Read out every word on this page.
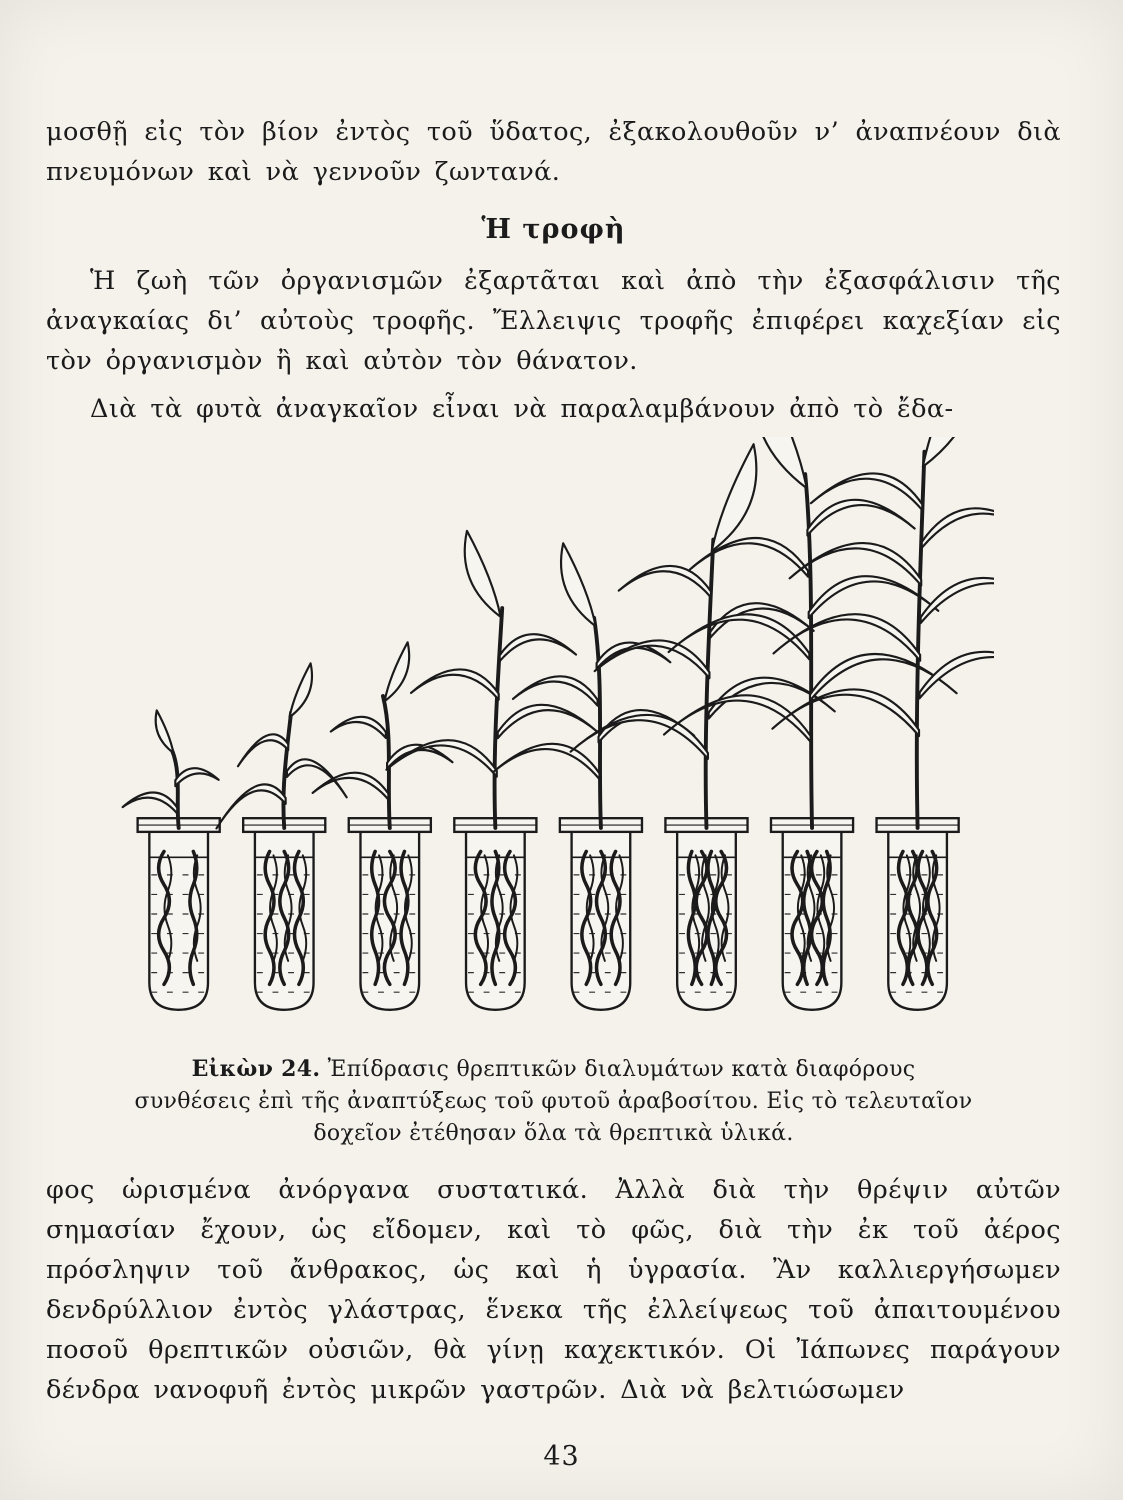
μοσθῇ εἰς τὸν βίον ἐντὸς τοῦ ὕδατος, ἐξακολουθοῦν ν’ ἀναπνέουν διὰ πνευμόνων καὶ νὰ γεννοῦν ζωντανά.

Ἡ τροφὴ

Ἡ ζωὴ τῶν ὀργανισμῶν ἐξαρτᾶται καὶ ἀπὸ τὴν ἐξασφάλισιν τῆς ἀναγκαίας δι’ αὐτοὺς τροφῆς. Ἔλλειψις τροφῆς ἐπιφέρει καχεξίαν εἰς τὸν ὀργανισμὸν ἢ καὶ αὐτὸν τὸν θάνατον.

Διὰ τὰ φυτὰ ἀναγκαῖον εἶναι νὰ παραλαμβάνουν ἀπὸ τὸ ἔδα-

Εἰκὼν 24. Ἐπίδρασις θρεπτικῶν διαλυμάτων κατὰ διαφόρους συνθέσεις ἐπὶ τῆς ἀναπτύξεως τοῦ φυτοῦ ἀραβοσίτου. Εἰς τὸ τελευταῖον δοχεῖον ἐτέθησαν ὅλα τὰ θρεπτικὰ ὑλικά.

φος ὡρισμένα ἀνόργανα συστατικά. Ἀλλὰ διὰ τὴν θρέψιν αὐτῶν σημασίαν ἔχουν, ὡς εἴδομεν, καὶ τὸ φῶς, διὰ τὴν ἐκ τοῦ ἀέρος πρόσληψιν τοῦ ἄνθρακος, ὡς καὶ ἡ ὑγρασία. Ἂν καλλιεργήσωμεν δενδρύλλιον ἐντὸς γλάστρας, ἕνεκα τῆς ἐλλείψεως τοῦ ἀπαιτουμένου ποσοῦ θρεπτικῶν οὐσιῶν, θὰ γίνῃ καχεκτικόν. Οἱ Ἰάπωνες παράγουν δένδρα νανοφυῆ ἐντὸς μικρῶν γαστρῶν. Διὰ νὰ βελτιώσωμεν

43
